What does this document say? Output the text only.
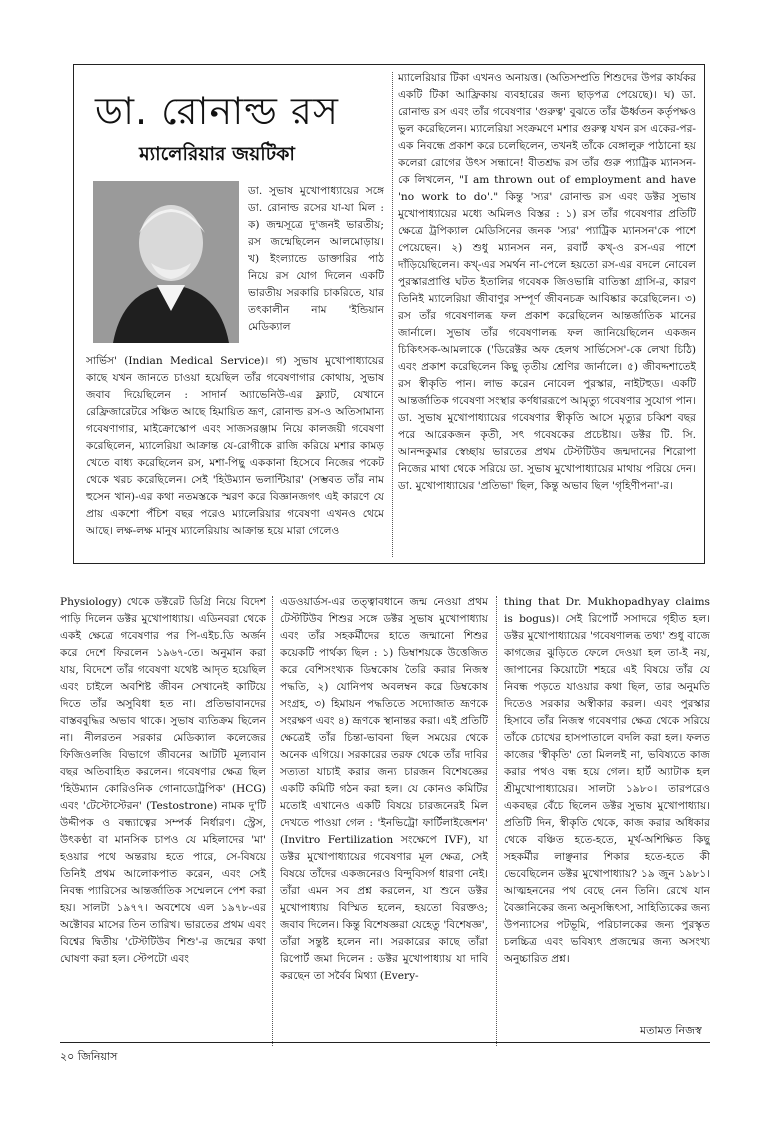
ডা. রোনাল্ড রস
ম্যালেরিয়ার জয়টিকা

ডা. সুভাষ মুখোপাধ্যায়ের সঙ্গে ডা. রোনাল্ড রসের যা-যা মিল : ক) জন্মসূত্রে দু'জনই ভারতীয়; রস জন্মেছিলেন আলমোড়ায়। খ) ইংল্যান্ডে ডাক্তারির পাঠ নিয়ে রস যোগ দিলেন একটি ভারতীয় সরকারি চাকরিতে, যার তৎকালীন নাম 'ইন্ডিয়ান মেডিক্যাল

সার্ভিস' (Indian Medical Service)। গ) সুভাষ মুখোপাধ্যায়ের কাছে যখন জানতে চাওয়া হয়েছিল তাঁর গবেষণাগার কোথায়, সুভাষ জবাব দিয়েছিলেন : সাদার্ন অ্যাভেনিউ-এর ফ্ল্যাট, যেখানে রেফ্রিজারেটরে সঞ্চিত আছে হিমায়িত ভ্রূণ, রোনাল্ড রস-ও অতিসামান্য গবেষণাগার, মাইক্রোস্কোপ এবং সাজসরঞ্জাম নিয়ে কালজয়ী গবেষণা করেছিলেন, ম্যালেরিয়া আক্রান্ত যে-রোগীকে রাজি করিয়ে মশার কামড় খেতে বাধ্য করেছিলেন রস, মশা-পিছু এককানা হিসেবে নিজের পকেট থেকে খরচ করেছিলেন। সেই 'হিউম্যান ভলান্টিয়ার' (সম্ভবত তাঁর নাম হুসেন খান)-এর কথা নতমস্তকে স্মরণ করে বিজ্ঞানজগৎ এই কারণে যে প্রায় একশো পঁচিশ বছর পরেও ম্যালেরিয়ার গবেষণা এখনও থেমে আছে। লক্ষ-লক্ষ মানুষ ম্যালেরিয়ায় আক্রান্ত হয়ে মারা গেলেও

ম্যালেরিয়ার টিকা এখনও অনায়ত্ত। (অতিসম্প্রতি শিশুদের উপর কার্যকর একটি টিকা আফ্রিকায় ব্যবহারের জন্য ছাড়পত্র পেয়েছে)। ঘ) ডা. রোনাল্ড রস এবং তাঁর গবেষণার 'গুরুত্ব' বুঝতে তাঁর ঊর্ধ্বতন কর্তৃপক্ষও ভুল করেছিলেন। ম্যালেরিয়া সংক্রমণে মশার গুরুত্ব যখন রস একের-পর-এক নিবন্ধে প্রকাশ করে চলেছিলেন, তখনই তাঁকে বেঙ্গালুরু পাঠানো হয় কলেরা রোগের উৎস সন্ধানে! বীতশ্রদ্ধ রস তাঁর গুরু প্যাট্রিক ম্যানসন-কে লিখলেন, "I am thrown out of employment and have 'no work to do'." কিন্তু 'স্যর' রোনাল্ড রস এবং ডক্টর সুভাষ মুখোপাধ্যায়ের মধ্যে অমিলও বিস্তর : ১) রস তাঁর গবেষণার প্রতিটি ক্ষেত্রে ট্রপিক্যাল মেডিসিনের জনক 'স্যর' প্যাট্রিক ম্যানসন'কে পাশে পেয়েছেন। ২) শুধু ম্যানসন নন, রবার্ট কখ্‌-ও রস-এর পাশে দাঁড়িয়েছিলেন। কখ্‌-এর সমর্থন না-পেলে হয়তো রস-এর বদলে নোবেল পুরস্কারপ্রাপ্তি ঘটত ইতালির গবেষক জিওভান্নি বাতিস্তা গ্রাসি-র, কারণ তিনিই ম্যালেরিয়া জীবাণুর সম্পূর্ণ জীবনচক্র আবিষ্কার করেছিলেন। ৩) রস তাঁর গবেষণালব্ধ ফল প্রকাশ করেছিলেন আন্তর্জাতিক মানের জার্নালে। সুভাষ তাঁর গবেষণালব্ধ ফল জানিয়েছিলেন একজন চিকিৎসক-আমলাকে ('ডিরেক্টর অফ হেলথ সার্ভিসেস'-কে লেখা চিঠি) এবং প্রকাশ করেছিলেন কিছু তৃতীয় শ্রেণির জার্নালে। ৫) জীবদ্দশাতেই রস স্বীকৃতি পান। লাভ করেন নোবেল পুরস্কার, নাইটহুড। একটি আন্তর্জাতিক গবেষণা সংস্থার কর্ণধাররূপে আমৃত্যু গবেষণার সুযোগ পান। ডা. সুভাষ মুখোপাধ্যায়ের গবেষণার স্বীকৃতি আসে মৃত্যুর চব্বিশ বছর পরে আরেকজন কৃতী, সৎ গবেষকের প্রচেষ্টায়। ডক্টর টি. সি. আনন্দকুমার স্বেচ্ছায় ভারতের প্রথম টেস্টটিউব জন্মদানের শিরোপা নিজের মাথা থেকে সরিয়ে ডা. সুভাষ মুখোপাধ্যায়ের মাথায় পরিয়ে দেন। ডা. মুখোপাধ্যায়ের 'প্রতিভা' ছিল, কিন্তু অভাব ছিল 'গৃহিণীপনা'-র।

Physiology) থেকে ডক্টরেট ডিগ্রি নিয়ে বিদেশ পাড়ি দিলেন ডক্টর মুখোপাধ্যায়। এডিনবরা থেকে একই ক্ষেত্রে গবেষণার পর পি-এইচ.ডি অর্জন করে দেশে ফিরলেন ১৯৬৭-তে। অনুমান করা যায়, বিদেশে তাঁর গবেষণা যথেষ্ট আদৃত হয়েছিল এবং চাইলে অবশিষ্ট জীবন সেখানেই কাটিয়ে দিতে তাঁর অসুবিধা হত না। প্রতিভাবানদের বাস্তববুদ্ধির অভাব থাকে। সুভাষ ব্যতিক্রম ছিলেন না। নীলরতন সরকার মেডিক্যাল কলেজের ফিজিওলজি বিভাগে জীবনের আটটি মূল্যবান বছর অতিবাহিত করলেন। গবেষণার ক্ষেত্র ছিল 'হিউম্যান কোরিওনিক গোনাডোট্রপিক' (HCG) এবং 'টেস্টোস্টেরন' (Testostrone) নামক দু'টি উদ্দীপক ও বন্ধ্যাত্বের সম্পর্ক নির্ধারণ। স্ট্রেস, উৎকণ্ঠা বা মানসিক চাপও যে মহিলাদের 'মা' হওয়ার পথে অন্তরায় হতে পারে, সে-বিষয়ে তিনিই প্রথম আলোকপাত করেন, এবং সেই নিবন্ধ প্যারিসের আন্তর্জাতিক সম্মেলনে পেশ করা হয়। সালটা ১৯৭৭। অবশেষে এল ১৯৭৮-এর অক্টোবর মাসের তিন তারিখ। ভারতের প্রথম এবং বিশ্বের দ্বিতীয় 'টেস্টটিউব শিশু'-র জন্মের কথা ঘোষণা করা হল। স্টেপটো এবং

এডওয়ার্ডস-এর তত্ত্বাবধানে জন্ম নেওয়া প্রথম টেস্টটিউব শিশুর সঙ্গে ডক্টর সুভাষ মুখোপাধ্যায় এবং তাঁর সহকর্মীদের হাতে জন্মানো শিশুর কয়েকটি পার্থক্য ছিল : ১) ডিম্বাশয়কে উত্তেজিত করে বেশিসংখ্যক ডিম্বকোষ তৈরি করার নিজস্ব পদ্ধতি, ২) যোনিপথ অবলম্বন করে ডিম্বকোষ সংগ্রহ, ৩) হিমায়ন পদ্ধতিতে সদ্যোজাত ভ্রূণকে সংরক্ষণ এবং ৪) ভ্রূণকে স্থানান্তর করা। এই প্রতিটি ক্ষেত্রেই তাঁর চিন্তা-ভাবনা ছিল সময়ের থেকে অনেক এগিয়ে। সরকারের তরফ থেকে তাঁর দাবির সত্যতা যাচাই করার জন্য চারজন বিশেষজ্ঞের একটি কমিটি গঠন করা হল। যে কোনও কমিটির মতোই এখানেও একটি বিষয়ে চারজনেরই মিল দেখতে পাওয়া গেল : 'ইনভিট্রো ফার্টিলাইজেশন' (Invitro Fertilization সংক্ষেপে IVF), যা ডক্টর মুখোপাধ্যায়ের গবেষণার মূল ক্ষেত্র, সেই বিষয়ে তাঁদের একজনেরও বিন্দুবিসর্গ ধারণা নেই। তাঁরা এমন সব প্রশ্ন করলেন, যা শুনে ডক্টর মুখোপাধ্যায় বিস্মিত হলেন, হয়তো বিরক্তও; জবাব দিলেন। কিন্তু বিশেষজ্ঞরা যেহেতু 'বিশেষজ্ঞ', তাঁরা সন্তুষ্ট হলেন না। সরকারের কাছে তাঁরা রিপোর্ট জমা দিলেন : ডক্টর মুখোপাধ্যায় যা দাবি করছেন তা সর্বৈব মিথ্যা (Every-

thing that Dr. Mukhopadhyay claims is bogus)। সেই রিপোর্ট সসাদরে গৃহীত হল। ডক্টর মুখোপাধ্যায়ের 'গবেষণালব্ধ তথ্য' শুধু বাজে কাগজের ঝুড়িতে ফেলে দেওয়া হল তা-ই নয়, জাপানের কিয়োটো শহরে এই বিষয়ে তাঁর যে নিবন্ধ পড়তে যাওয়ার কথা ছিল, তার অনুমতি দিতেও সরকার অস্বীকার করল। এবং পুরস্কার হিসাবে তাঁর নিজস্ব গবেষণার ক্ষেত্র থেকে সরিয়ে তাঁকে চোখের হাসপাতালে বদলি করা হল। ফলত কাজের 'স্বীকৃতি' তো মিললই না, ভবিষ্যতে কাজ করার পথও বন্ধ হয়ে গেল। হার্ট অ্যাটাক হল শ্রীমুখোপাধ্যায়ের। সালটা ১৯৮০। তারপরেও একবছর বেঁচে ছিলেন ডক্টর সুভাষ মুখোপাধ্যায়। প্রতিটি দিন, স্বীকৃতি থেকে, কাজ করার অধিকার থেকে বঞ্চিত হতে-হতে, মূর্খ-অশিক্ষিত কিছু সহকর্মীর লাঞ্ছনার শিকার হতে-হতে কী ভেবেছিলেন ডক্টর মুখোপাধ্যায়? ১৯ জুন ১৯৮১। আত্মহননের পথ বেছে নেন তিনি। রেখে যান বৈজ্ঞানিকের জন্য অনুসন্ধিৎসা, সাহিত্যিকের জন্য উপন্যাসের পটভূমি, পরিচালকের জন্য পুরস্কৃত চলচ্চিত্র এবং ভবিষ্যৎ প্রজন্মের জন্য অসংখ্য অনুচ্চারিত প্রশ্ন।

মতামত নিজস্ব
২০ জিনিয়াস
